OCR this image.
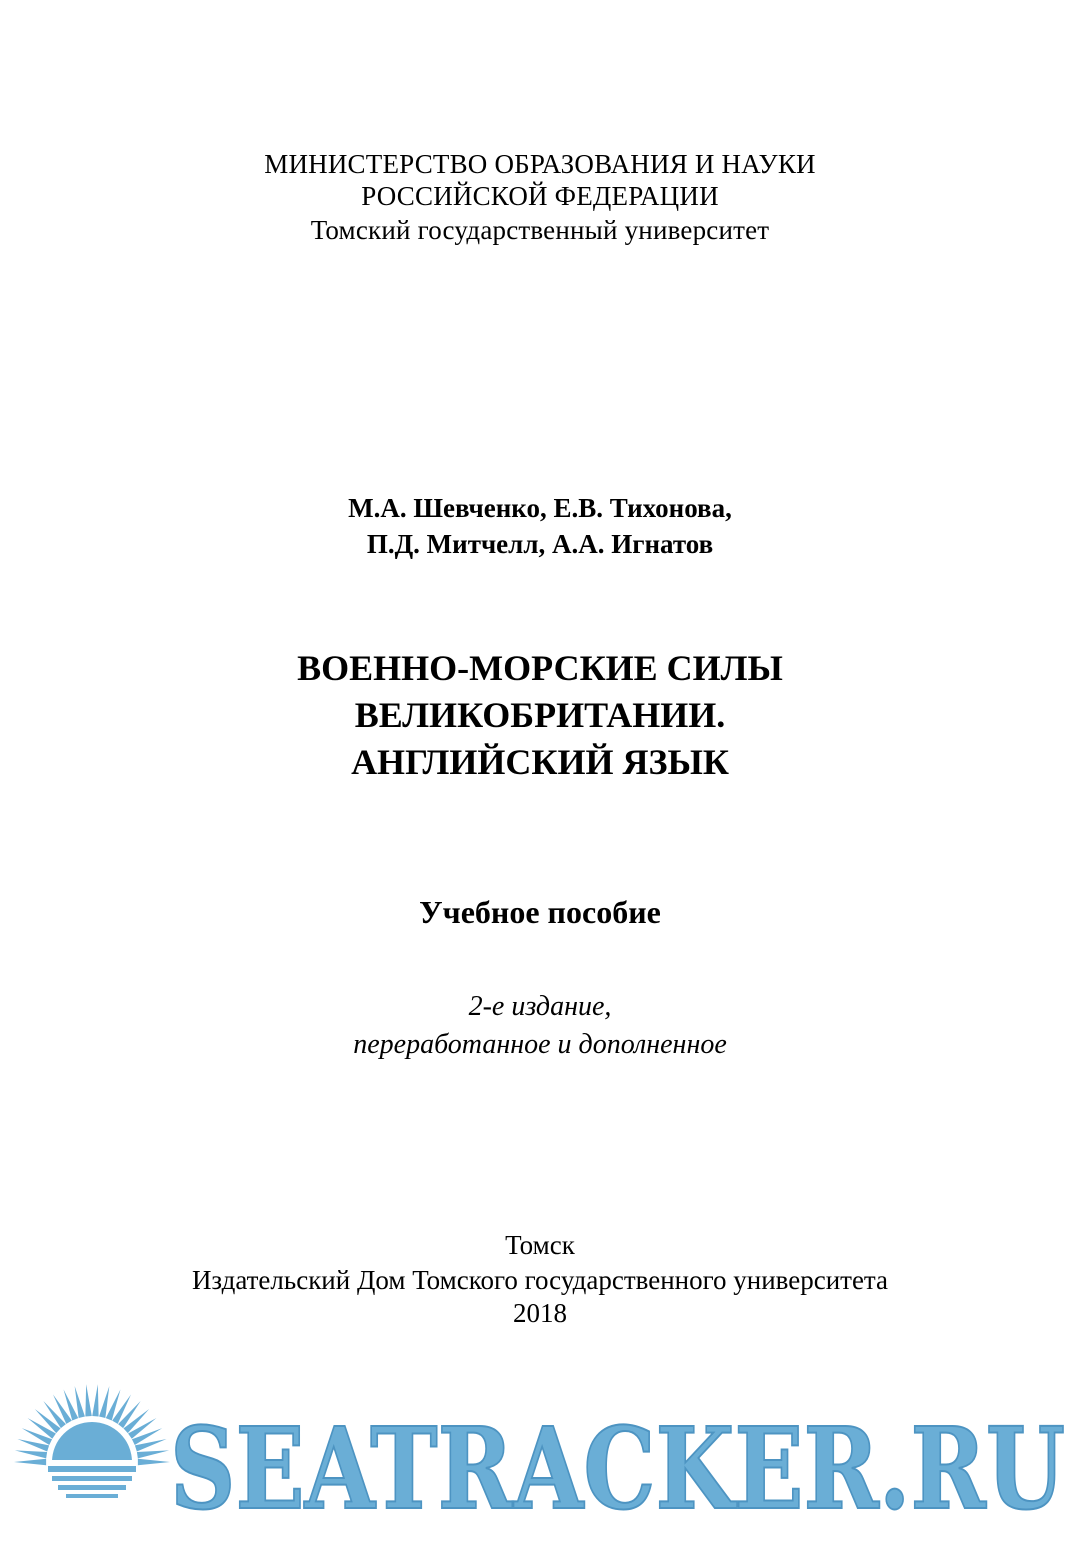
МИНИСТЕРСТВО ОБРАЗОВАНИЯ И НАУКИ
РОССИЙСКОЙ ФЕДЕРАЦИИ
Томский государственный университет
М.А. Шевченко, Е.В. Тихонова,
П.Д. Митчелл, А.А. Игнатов
ВОЕННО-МОРСКИЕ СИЛЫ
ВЕЛИКОБРИТАНИИ.
АНГЛИЙСКИЙ ЯЗЫК
Учебное пособие
2-е издание,
переработанное и дополненное
Томск
Издательский Дом Томского государственного университета
2018
SEATRACKER.RU
